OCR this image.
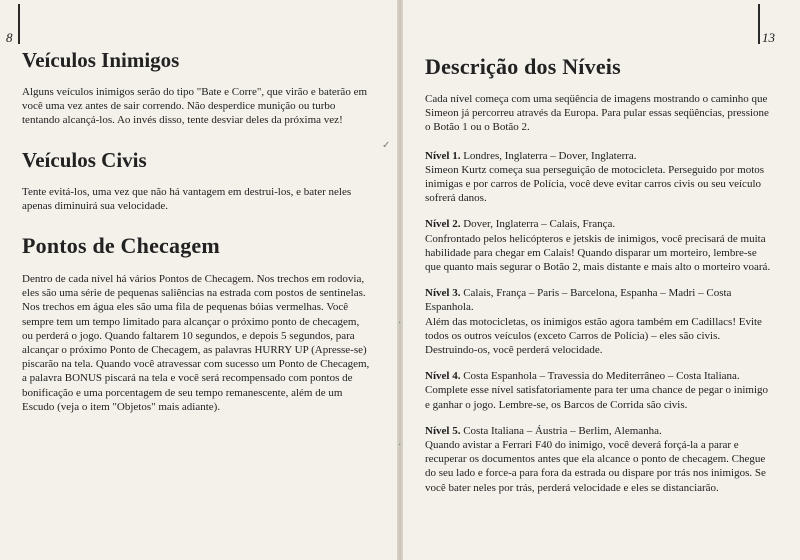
8	13
Veículos Inimigos

Alguns veículos inimigos serão do tipo "Bate e Corre", que virão e baterão em você uma vez antes de sair correndo. Não desperdice munição ou turbo tentando alcançá-los. Ao invés disso, tente desviar deles da próxima vez!

Veículos Civis

Tente evitá-los, uma vez que não há vantagem em destrui-los, e bater neles apenas diminuirá sua velocidade.

Pontos de Checagem

Dentro de cada nível há vários Pontos de Checagem. Nos trechos em rodovia, eles são uma série de pequenas saliências na estrada com postos de sentinelas. Nos trechos em água eles são uma fila de pequenas bóias vermelhas. Você sempre tem um tempo limitado para alcançar o próximo ponto de checagem, ou perderá o jogo. Quando faltarem 10 segundos, e depois 5 segundos, para alcançar o próximo Ponto de Checagem, as palavras HURRY UP (Apresse-se) piscarão na tela. Quando você atravessar com sucesso um Ponto de Checagem, a palavra BONUS piscará na tela e você será recompensado com pontos de bonificação e uma porcentagem de seu tempo remanescente, além de um Escudo (veja o item "Objetos" mais adiante).

Descrição dos Níveis

Cada nível começa com uma seqüência de imagens mostrando o caminho que Simeon já percorreu através da Europa. Para pular essas seqüências, pressione o Botão 1 ou o Botão 2.

Nível 1. Londres, Inglaterra – Dover, Inglaterra.

Simeon Kurtz começa sua perseguição de motocicleta. Perseguido por motos inimigas e por carros de Polícia, você deve evitar carros civis ou seu veículo sofrerá danos.

Nível 2. Dover, Inglaterra – Calais, França.

Confrontado pelos helicópteros e jetskis de inimigos, você precisará de muita habilidade para chegar em Calais! Quando disparar um morteiro, lembre-se que quanto mais segurar o Botão 2, mais distante e mais alto o morteiro voará.

Nível 3. Calais, França – Paris – Barcelona, Espanha – Madri – Costa Espanhola.

Além das motocicletas, os inimigos estão agora também em Cadillacs! Evite todos os outros veículos (exceto Carros de Polícia) – eles são civis. Destruindo-os, você perderá velocidade.

Nível 4. Costa Espanhola – Travessia do Mediterrâneo – Costa Italiana.

Complete esse nível satisfatoriamente para ter uma chance de pegar o inimigo e ganhar o jogo. Lembre-se, os Barcos de Corrida são civis.

Nível 5. Costa Italiana – Áustria – Berlim, Alemanha.

Quando avistar a Ferrari F40 do inimigo, você deverá forçá-la a parar e recuperar os documentos antes que ela alcance o ponto de checagem. Chegue do seu lado e force-a para fora da estrada ou dispare por trás nos inimigos. Se você bater neles por trás, perderá velocidade e eles se distanciarão.

✓
·
·
